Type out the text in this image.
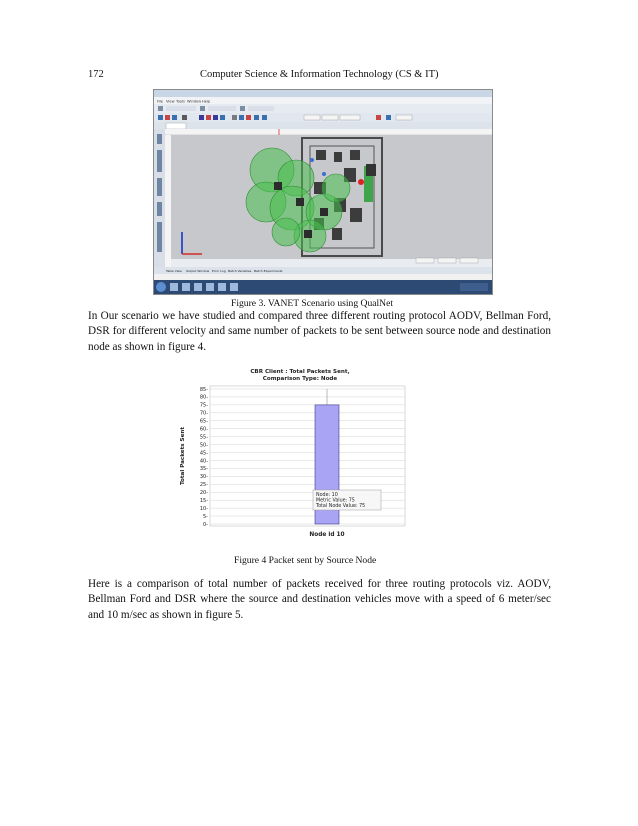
172	Computer Science & Information Technology (CS & IT)
File View Tools Window Help
Table View Output Window Error Log Batch Variables Batch Experiments
Figure 3. VANET Scenario using QualNet

In Our scenario we have studied and compared three different routing protocol AODV, Bellman Ford, DSR for different velocity and same number of packets to be sent between source node and destination node as shown in figure 4.

CBR Client : Total Packets Sent,
Comparison Type: Node
0-
5-
10-
15-
20-
25-
30-
35-
40-
45-
50-
55-
60-
65-
70-
75-
80-
85-
Total Packets Sent
Node id 10
Node: 10
Metric Value: 75
Total Node Value: 75
Figure 4 Packet sent by Source Node

Here is a comparison of total number of packets received for three routing protocols viz. AODV, Bellman Ford and DSR where the source and destination vehicles move with a speed of 6 meter/sec and 10 m/sec as shown in figure 5.
